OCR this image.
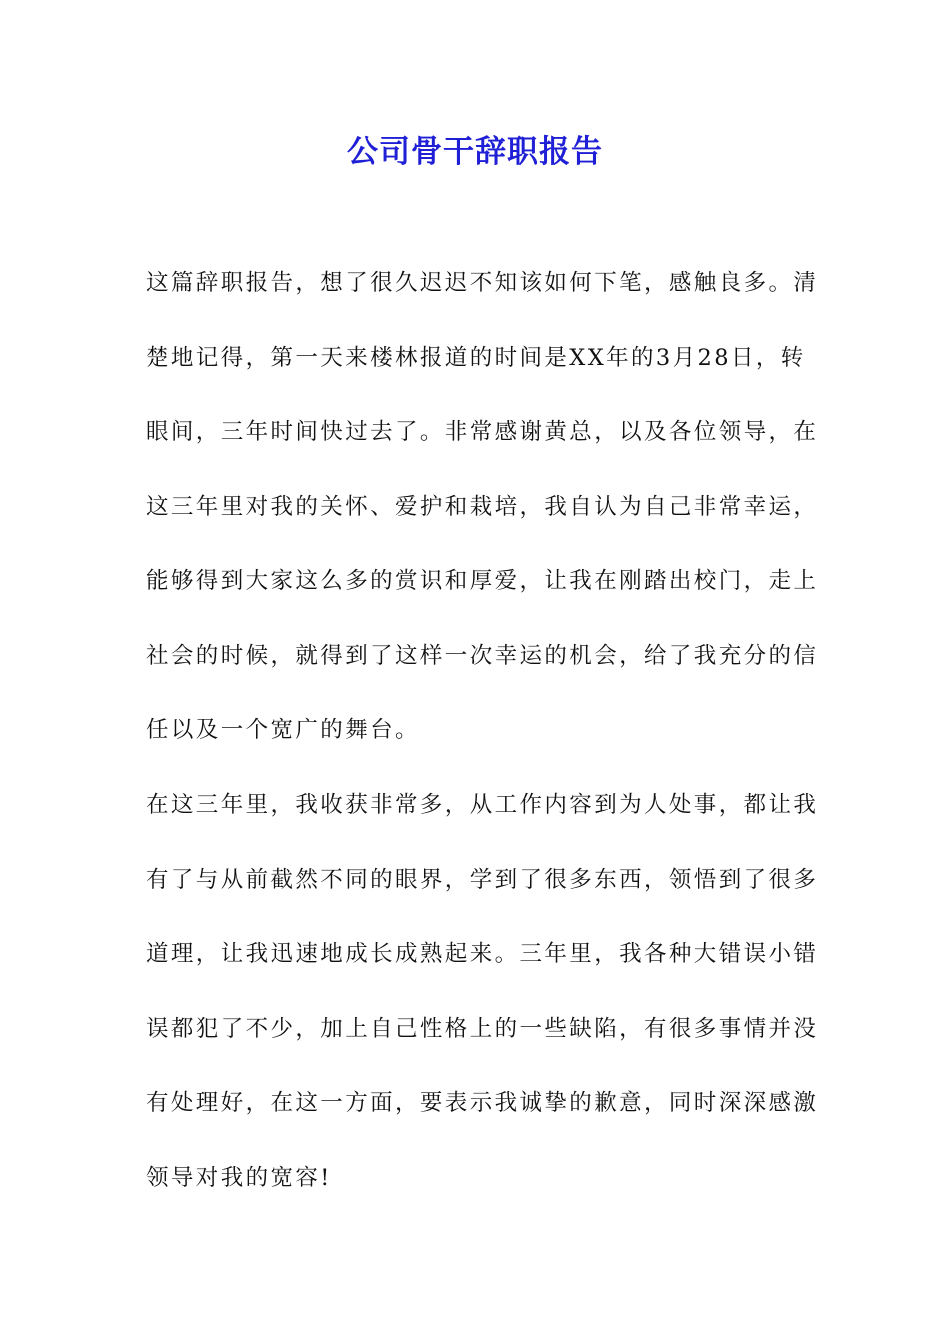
公司骨干辞职报告
这篇辞职报告，想了很久迟迟不知该如何下笔，感触良多。清
楚地记得，第一天来楼林报道的时间是XX年的3月28日，转
眼间，三年时间快过去了。非常感谢黄总，以及各位领导，在
这三年里对我的关怀、爱护和栽培，我自认为自己非常幸运，
能够得到大家这么多的赏识和厚爱，让我在刚踏出校门，走上
社会的时候，就得到了这样一次幸运的机会，给了我充分的信
任以及一个宽广的舞台。
在这三年里，我收获非常多，从工作内容到为人处事，都让我
有了与从前截然不同的眼界，学到了很多东西，领悟到了很多
道理，让我迅速地成长成熟起来。三年里，我各种大错误小错
误都犯了不少，加上自己性格上的一些缺陷，有很多事情并没
有处理好，在这一方面，要表示我诚挚的歉意，同时深深感激
领导对我的宽容!
